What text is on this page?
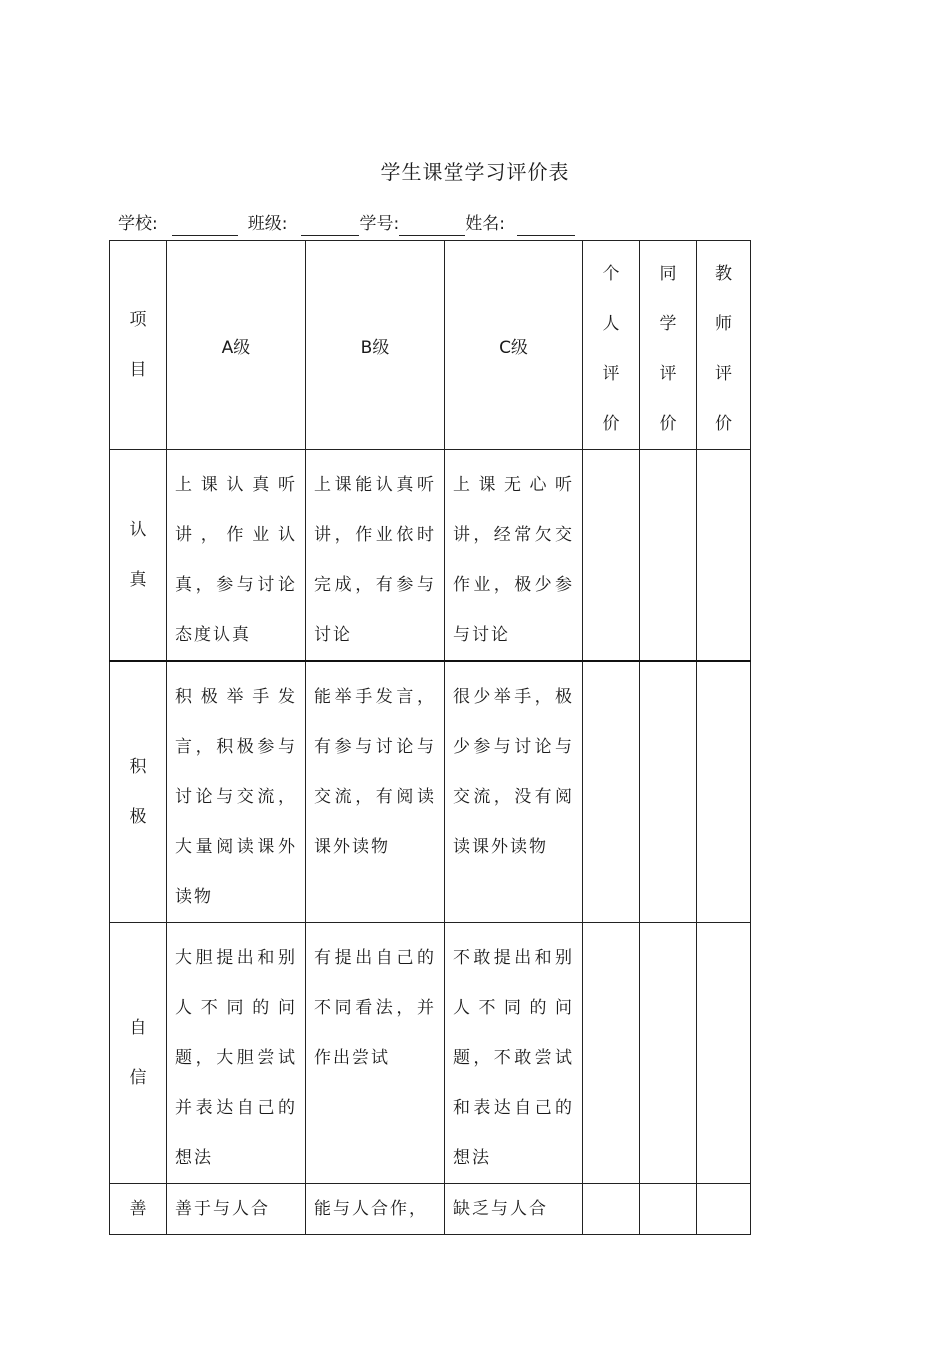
学生课堂学习评价表
学校:	班级:	学号:	姓名:
项
目	A级	B级	C级	个
人
评
价	同
学
评
价	教
师
评
价

认
真	上课认真听讲，作业认真，参与讨论态度认真	上课能认真听讲，作业依时完成，有参与讨论	上课无心听讲，经常欠交作业，极少参与讨论			

积
极	积极举手发言，积极参与讨论与交流，大量阅读课外读物	能举手发言，有参与讨论与交流，有阅读课外读物	很少举手，极少参与讨论与交流，没有阅读课外读物			

自
信	大胆提出和别人不同的问题，大胆尝试并表达自己的想法	有提出自己的不同看法，并作出尝试	不敢提出和别人不同的问题，不敢尝试和表达自己的想法			

善	善于与人合	能与人合作，	缺乏与人合			
